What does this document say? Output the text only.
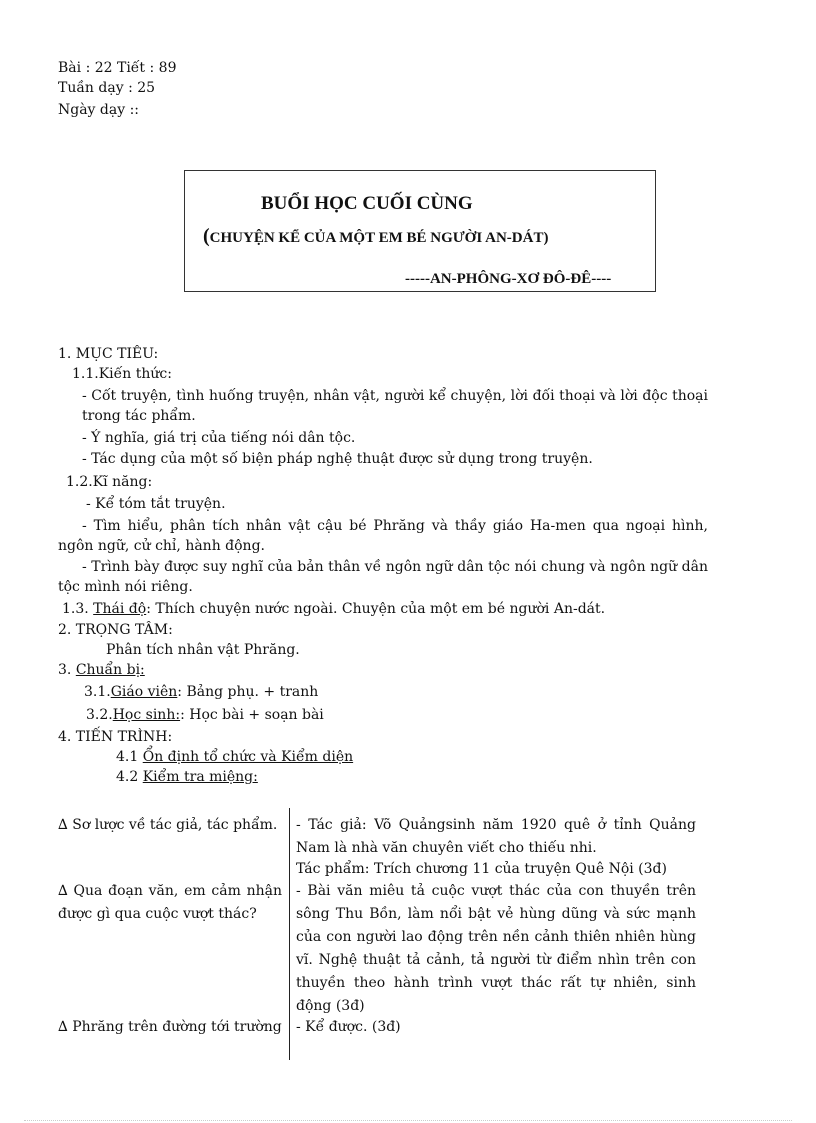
Bài : 22 Tiết : 89
Tuần dạy : 25
Ngày dạy ::
BUỔI HỌC CUỐI CÙNG
(CHUYỆN KỂ CỦA MỘT EM BÉ NGƯỜI AN-DÁT)
-----AN-PHÔNG-XƠ ĐÔ-ĐÊ----
1. MỤC TIÊU:
1.1.Kiến thức:
- Cốt truyện, tình huống truyện, nhân vật, người kể chuyện, lời đối thoại và lời độc thoại trong tác phẩm.
- Ý nghĩa, giá trị của tiếng nói dân tộc.
- Tác dụng của một số biện pháp nghệ thuật được sử dụng trong truyện.
1.2.Kĩ năng:
- Kể tóm tắt truyện.
- Tìm hiểu, phân tích nhân vật cậu bé Phrăng và thầy giáo Ha-men qua ngoại hình, ngôn ngữ, cử chỉ, hành động.
- Trình bày được suy nghĩ của bản thân về ngôn ngữ dân tộc nói chung và ngôn ngữ dân tộc mình nói riêng.
1.3. Thái độ: Thích chuyện nước ngoài. Chuyện của một em bé người An-dát.
2. TRỌNG TÂM:
Phân tích nhân vật Phrăng.
3. Chuẩn bị:
3.1.Giáo viên: Bảng phụ. + tranh
3.2.Học sinh:: Học bài + soạn bài
4. TIẾN TRÌNH:
4.1 Ổn định tổ chức và Kiểm diện
4.2 Kiểm tra miệng:
∆ Sơ lược về tác giả, tác phẩm.	- Tác giả: Võ Quảngsinh năm 1920 quê ở tỉnh Quảng Nam là nhà văn chuyên viết cho thiếu nhi.
Tác phẩm: Trích chương 11 của truyện Quê Nội (3đ)
∆ Qua đoạn văn, em cảm nhận được gì qua cuộc vượt thác?
- Bài văn miêu tả cuộc vượt thác của con thuyền trên sông Thu Bồn, làm nổi bật vẻ hùng dũng và sức mạnh của con người lao động trên nền cảnh thiên nhiên hùng vĩ. Nghệ thuật tả cảnh, tả người từ điểm nhìn trên con thuyền theo hành trình vượt thác rất tự nhiên, sinh động (3đ)
∆ Phrăng trên đường tới trường - Kể được. (3đ)
